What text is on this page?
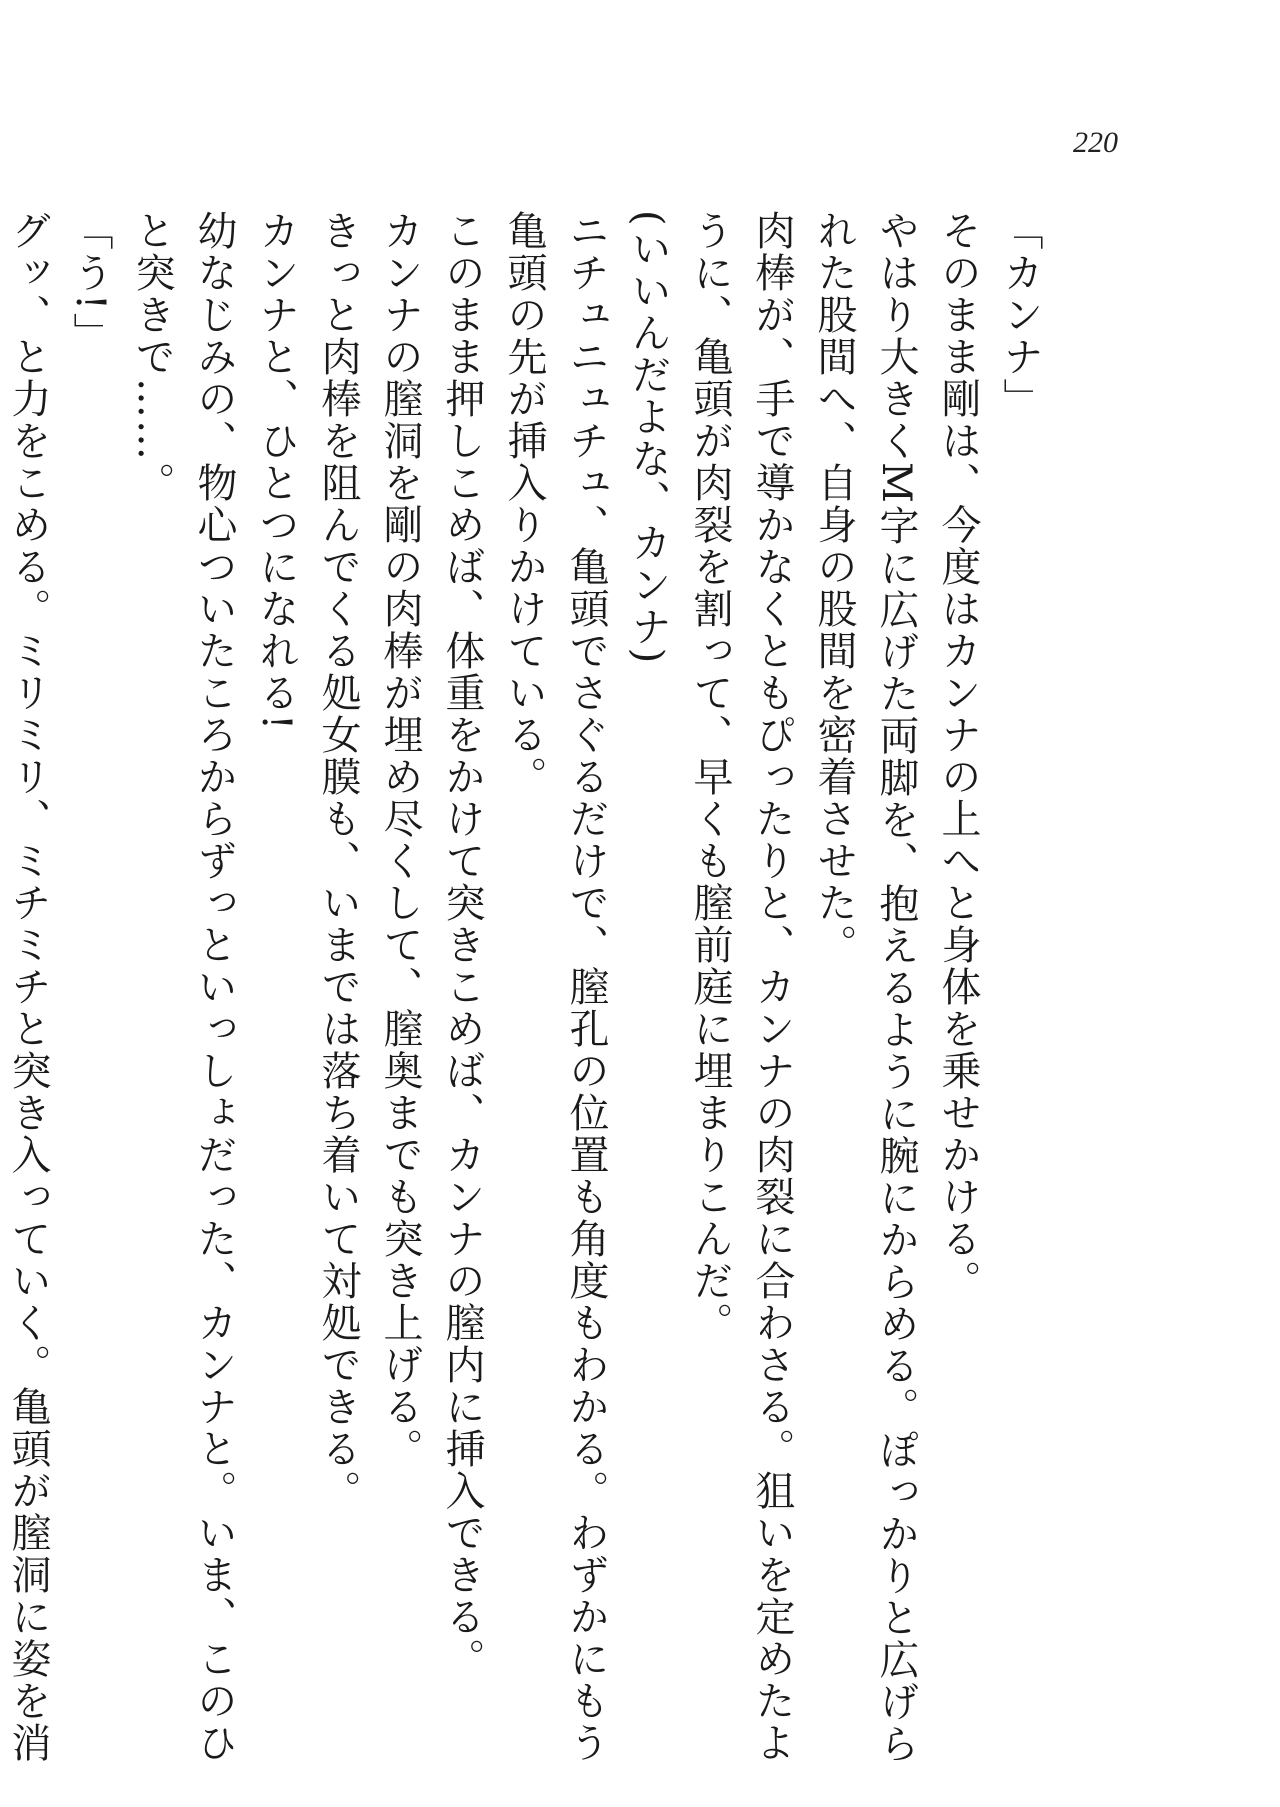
220

「カンナ」

そのまま剛は、今度はカンナの上へと身体を乗せかける。

やはり大きくM字に広げた両脚を、抱えるように腕にからめる。ぽっかりと広げら

れた股間へ、自身の股間を密着させた。

肉棒が、手で導かなくともぴったりと、カンナの肉裂に合わさる。狙いを定めたよ

うに、亀頭が肉裂を割って、早くも膣前庭に埋まりこんだ。

(いいんだよな、カンナ)

ニチュニュチュ、亀頭でさぐるだけで、膣孔の位置も角度もわかる。わずかにもう

亀頭の先が挿入りかけている。

このまま押しこめば、体重をかけて突きこめば、カンナの膣内に挿入できる。

カンナの膣洞を剛の肉棒が埋め尽くして、膣奥までも突き上げる。

きっと肉棒を阻んでくる処女膜も、いまでは落ち着いて対処できる。

カンナと、ひとつになれる!

幼なじみの、物心ついたころからずっといっしょだった、カンナと。いま、このひ

と突きで……。

「う!」

グッ、と力をこめる。ミリミリ、ミチミチと突き入っていく。亀頭が膣洞に姿を消
